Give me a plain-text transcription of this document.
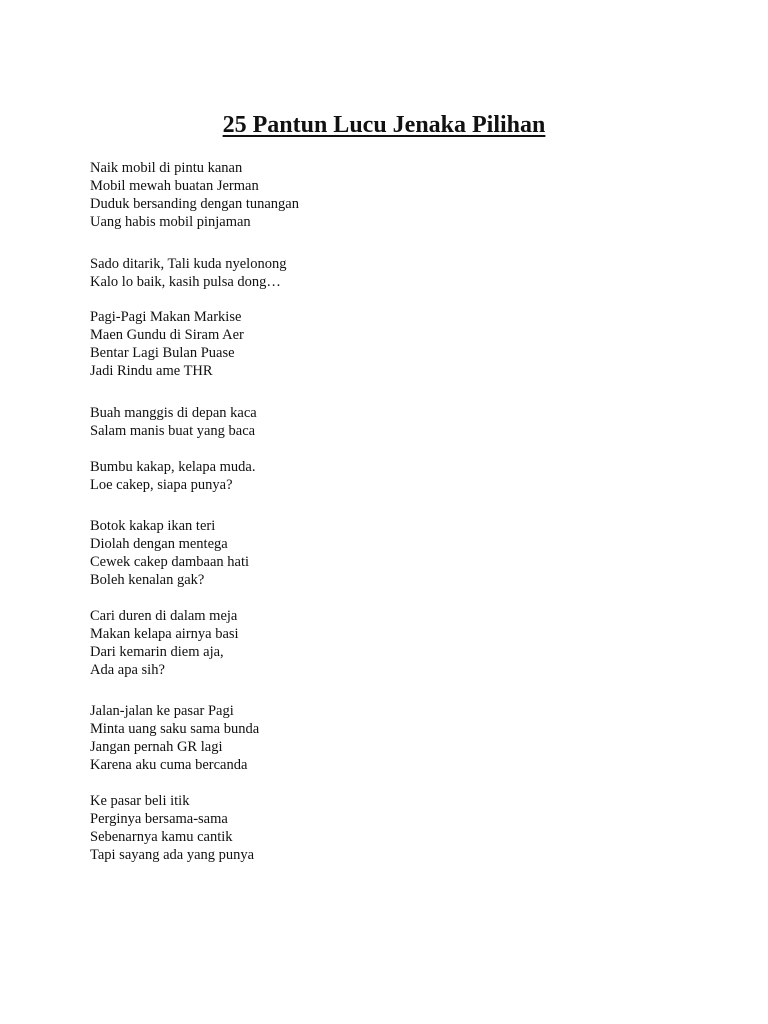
25 Pantun Lucu Jenaka Pilihan
Naik mobil di pintu kanan
Mobil mewah buatan Jerman
Duduk bersanding dengan tunangan
Uang habis mobil pinjaman
Sado ditarik, Tali kuda nyelonong
Kalo lo baik, kasih pulsa dong…
Pagi-Pagi Makan Markise
Maen Gundu di Siram Aer
Bentar Lagi Bulan Puase
Jadi Rindu ame THR
Buah manggis di depan kaca
Salam manis buat yang baca
Bumbu kakap, kelapa muda.
Loe cakep, siapa punya?
Botok kakap ikan teri
Diolah dengan mentega
Cewek cakep dambaan hati
Boleh kenalan gak?
Cari duren di dalam meja
Makan kelapa airnya basi
Dari kemarin diem aja,
Ada apa sih?
Jalan-jalan ke pasar Pagi
Minta uang saku sama bunda
Jangan pernah GR lagi
Karena aku cuma bercanda
Ke pasar beli itik
Perginya bersama-sama
Sebenarnya kamu cantik
Tapi sayang ada yang punya
